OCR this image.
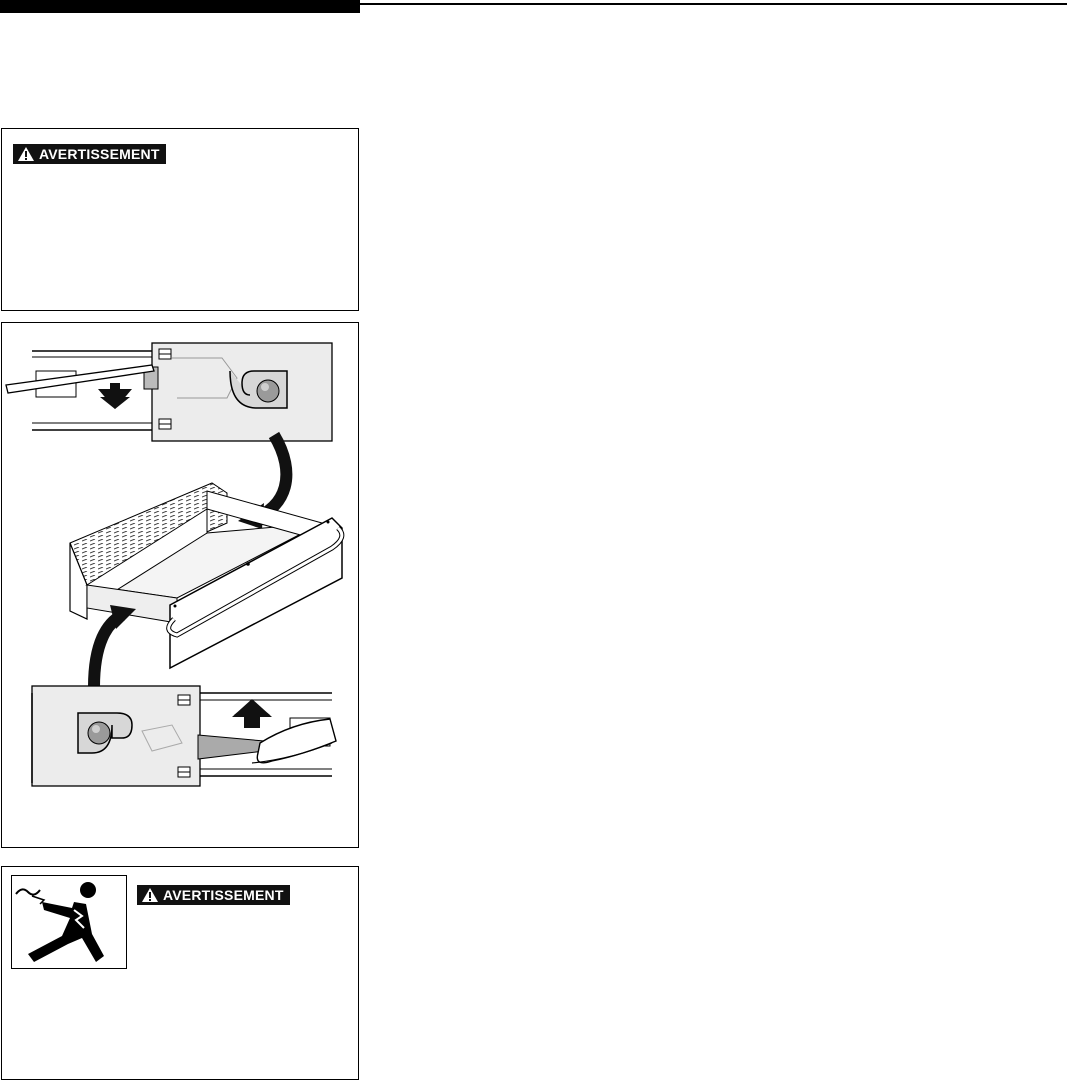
AVERTISSEMENT
AVERTISSEMENT
